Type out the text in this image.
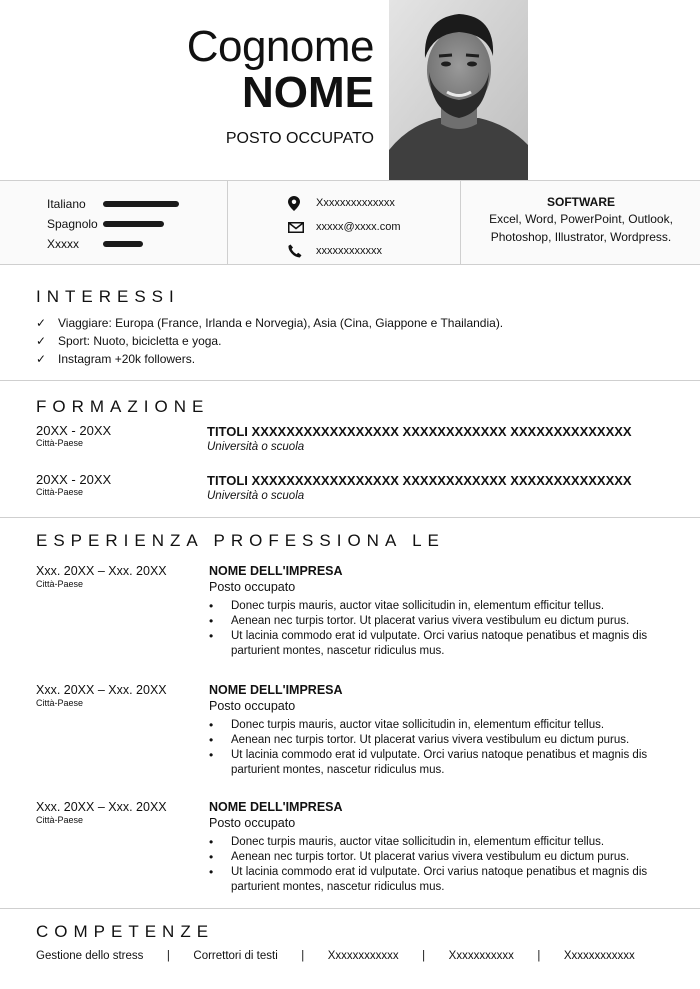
Cognome
NOME
POSTO OCCUPATO
Italiano
Spagnolo
Xxxxx
Xxxxxxxxxxxxxx
xxxxx@xxxx.com
xxxxxxxxxxxx
SOFTWARE
Excel, Word, PowerPoint, Outlook,
Photoshop, Illustrator, Wordpress.
INTERESSI
✓ Viaggiare: Europa (France, Irlanda e Norvegia), Asia (Cina, Giappone e Thailandia).
✓ Sport: Nuoto, bicicletta e yoga.
✓ Instagram +20k followers.
FORMAZIONE
20XX - 20XX
Città-Paese
TITOLI XXXXXXXXXXXXXXXXX XXXXXXXXXXXX XXXXXXXXXXXXXX
Università o scuola
20XX - 20XX
Città-Paese
TITOLI XXXXXXXXXXXXXXXXX XXXXXXXXXXXX XXXXXXXXXXXXXX
Università o scuola
ESPERIENZA PROFESSIONA LE
Xxx. 20XX – Xxx. 20XX
Città-Paese
NOME DELL'IMPRESA
Posto occupato
• Donec turpis mauris, auctor vitae sollicitudin in, elementum efficitur tellus.
• Aenean nec turpis tortor. Ut placerat varius vivera vestibulum eu dictum purus.
• Ut lacinia commodo erat id vulputate. Orci varius natoque penatibus et magnis dis parturient montes, nascetur ridiculus mus.
Xxx. 20XX – Xxx. 20XX
Città-Paese
NOME DELL'IMPRESA
Posto occupato
• Donec turpis mauris, auctor vitae sollicitudin in, elementum efficitur tellus.
• Aenean nec turpis tortor. Ut placerat varius vivera vestibulum eu dictum purus.
• Ut lacinia commodo erat id vulputate. Orci varius natoque penatibus et magnis dis parturient montes, nascetur ridiculus mus.
Xxx. 20XX – Xxx. 20XX
Città-Paese
NOME DELL'IMPRESA
Posto occupato
• Donec turpis mauris, auctor vitae sollicitudin in, elementum efficitur tellus.
• Aenean nec turpis tortor. Ut placerat varius vivera vestibulum eu dictum purus.
• Ut lacinia commodo erat id vulputate. Orci varius natoque penatibus et magnis dis parturient montes, nascetur ridiculus mus.
COMPETENZE
Gestione dello stress	|	Correttori di testi	|	Xxxxxxxxxxxx	|	Xxxxxxxxxxx	|	Xxxxxxxxxxxx
